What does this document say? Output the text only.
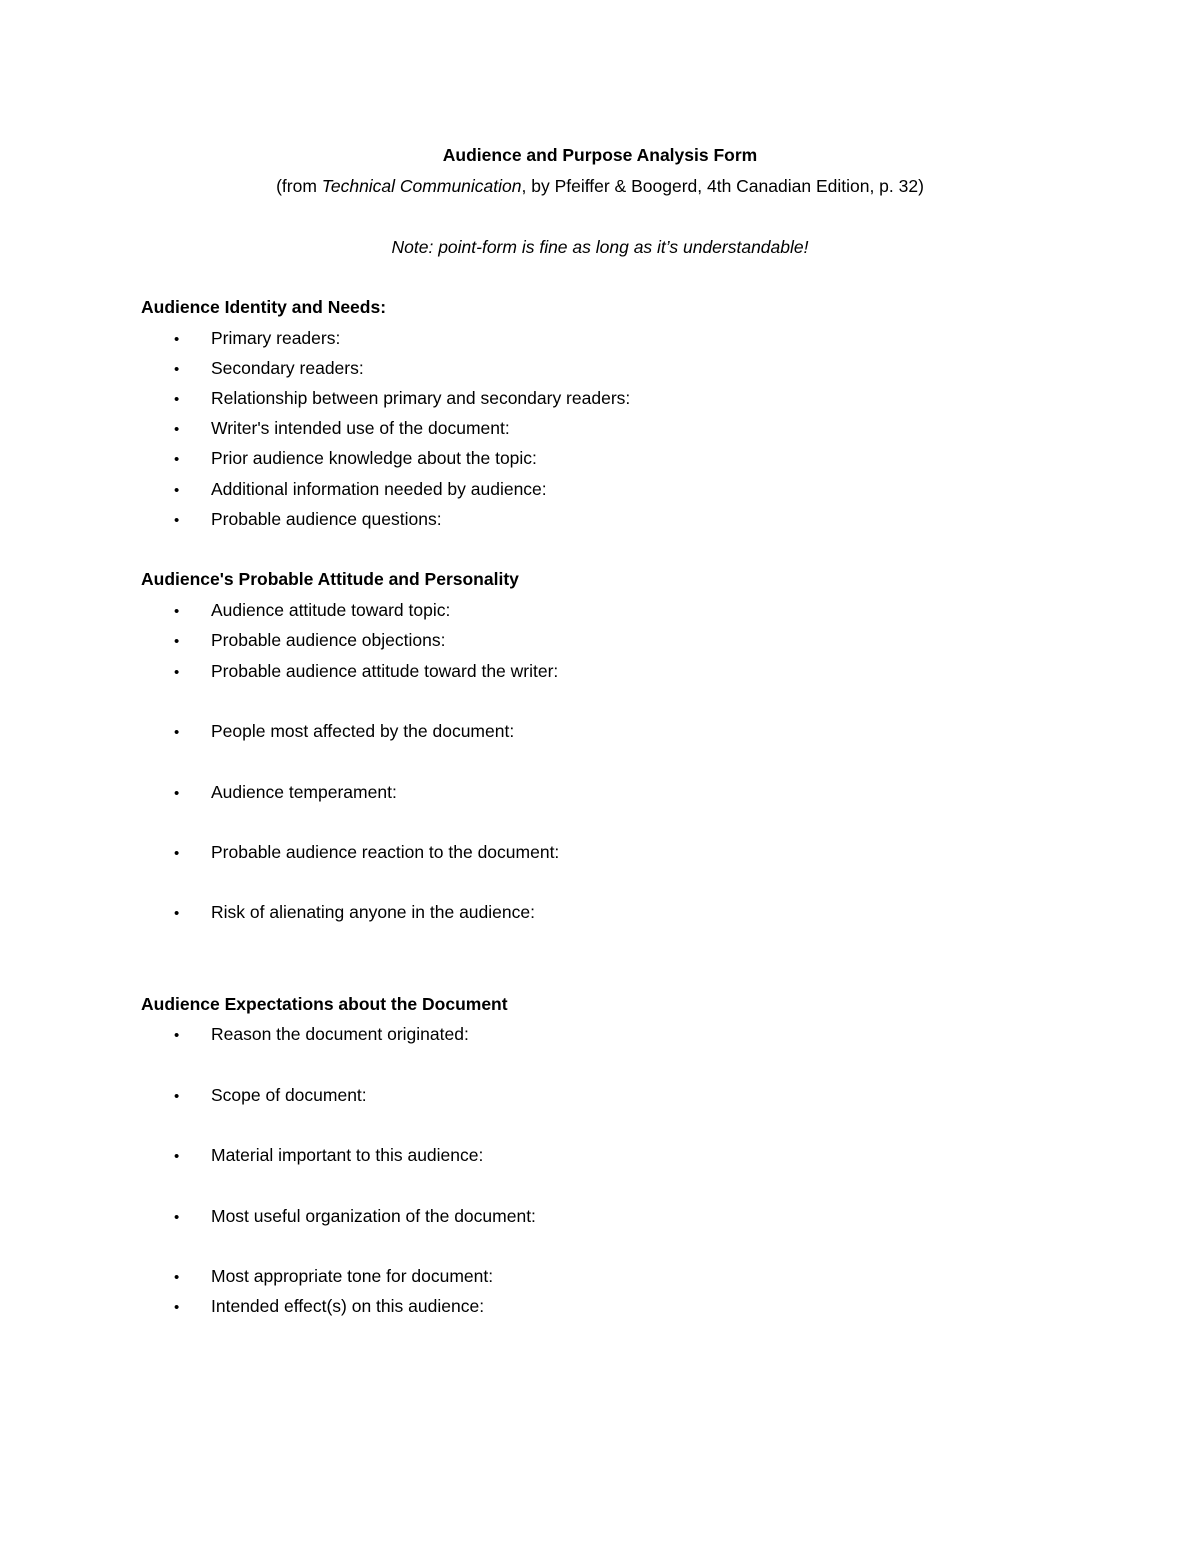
Audience and Purpose Analysis Form
(from Technical Communication, by Pfeiffer & Boogerd, 4th Canadian Edition, p. 32)
Note: point-form is fine as long as it’s understandable!
Audience Identity and Needs:
• Primary readers:
• Secondary readers:
• Relationship between primary and secondary readers:
• Writer's intended use of the document:
• Prior audience knowledge about the topic:
• Additional information needed by audience:
• Probable audience questions:
Audience's Probable Attitude and Personality
• Audience attitude toward topic:
• Probable audience objections:
• Probable audience attitude toward the writer:
• People most affected by the document:
• Audience temperament:
• Probable audience reaction to the document:
• Risk of alienating anyone in the audience:
Audience Expectations about the Document
• Reason the document originated:
• Scope of document:
• Material important to this audience:
• Most useful organization of the document:
• Most appropriate tone for document:
• Intended effect(s) on this audience:
